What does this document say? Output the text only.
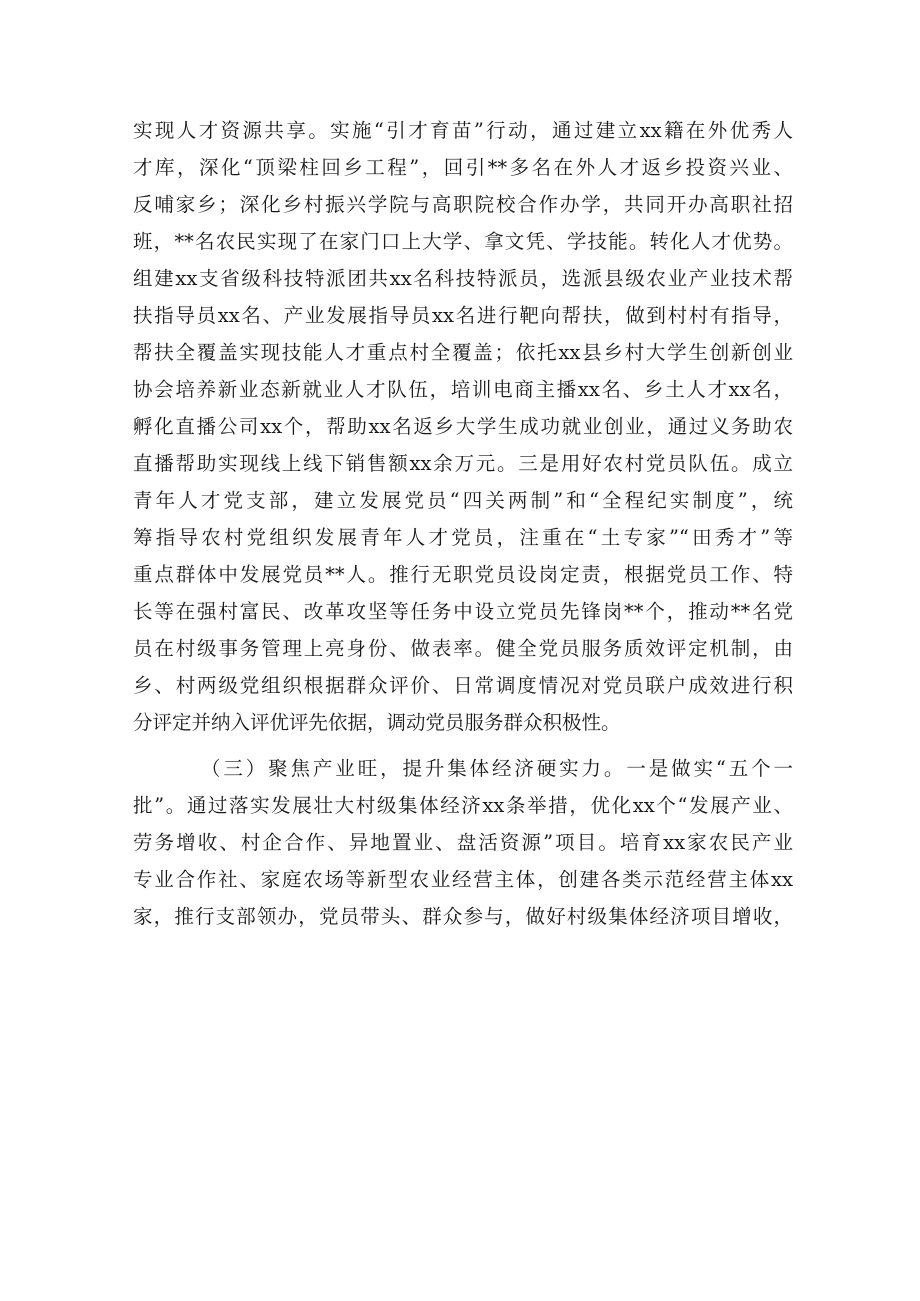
实现人才资源共享。实施“引才育苗”行动，通过建立xx籍在外优秀人
才库，深化“顶梁柱回乡工程”，回引**多名在外人才返乡投资兴业、
反哺家乡；深化乡村振兴学院与高职院校合作办学，共同开办高职社招
班，**名农民实现了在家门口上大学、拿文凭、学技能。转化人才优势。
组建xx支省级科技特派团共xx名科技特派员，选派县级农业产业技术帮
扶指导员xx名、产业发展指导员xx名进行靶向帮扶，做到村村有指导，
帮扶全覆盖实现技能人才重点村全覆盖；依托xx县乡村大学生创新创业
协会培养新业态新就业人才队伍，培训电商主播xx名、乡土人才xx名，
孵化直播公司xx个，帮助xx名返乡大学生成功就业创业，通过义务助农
直播帮助实现线上线下销售额xx余万元。三是用好农村党员队伍。成立
青年人才党支部，建立发展党员“四关两制”和“全程纪实制度”，统
筹指导农村党组织发展青年人才党员，注重在“土专家”“田秀才”等
重点群体中发展党员**人。推行无职党员设岗定责，根据党员工作、特
长等在强村富民、改革攻坚等任务中设立党员先锋岗**个，推动**名党
员在村级事务管理上亮身份、做表率。健全党员服务质效评定机制，由
乡、村两级党组织根据群众评价、日常调度情况对党员联户成效进行积
分评定并纳入评优评先依据，调动党员服务群众积极性。
（三）聚焦产业旺，提升集体经济硬实力。一是做实“五个一
批”。通过落实发展壮大村级集体经济xx条举措，优化xx个“发展产业、
劳务增收、村企合作、异地置业、盘活资源”项目。培育xx家农民产业
专业合作社、家庭农场等新型农业经营主体，创建各类示范经营主体xx
家，推行支部领办，党员带头、群众参与，做好村级集体经济项目增收，
